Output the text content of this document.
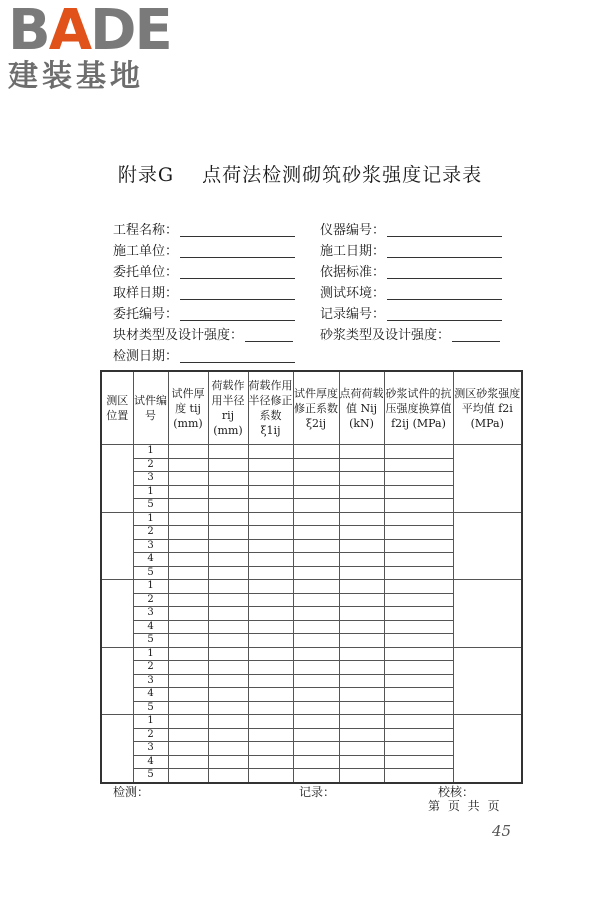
BADE
建装基地
附录G 点荷法检测砌筑砂浆强度记录表
工程名称：
施工单位：
委托单位：
取样日期：
委托编号：
块材类型及设计强度：
检测日期：
仪器编号：
施工日期：
依据标准：
测试环境：
记录编号：
砂浆类型及设计强度：
测区位置	试件编号	试件厚度 tij (mm)	荷载作用半径 rij (mm)	荷载作用半径修正系数 ξ1ij	试件厚度修正系数 ξ2ij	点荷荷载值 Nij (kN)	砂浆试件的抗压强度换算值 f2ij (MPa)	测区砂浆强度平均值 f2i (MPa)
	1							
	2							
	3							
	1							
	5							
	1							
	2							
	3							
	4							
	5							
	1							
	2							
	3							
	4							
	5							
	1							
	2							
	3							
	4							
	5							
	1							
	2							
	3							
	4							
	5							
检测：	记录：	校核：
第 页 共 页
45
